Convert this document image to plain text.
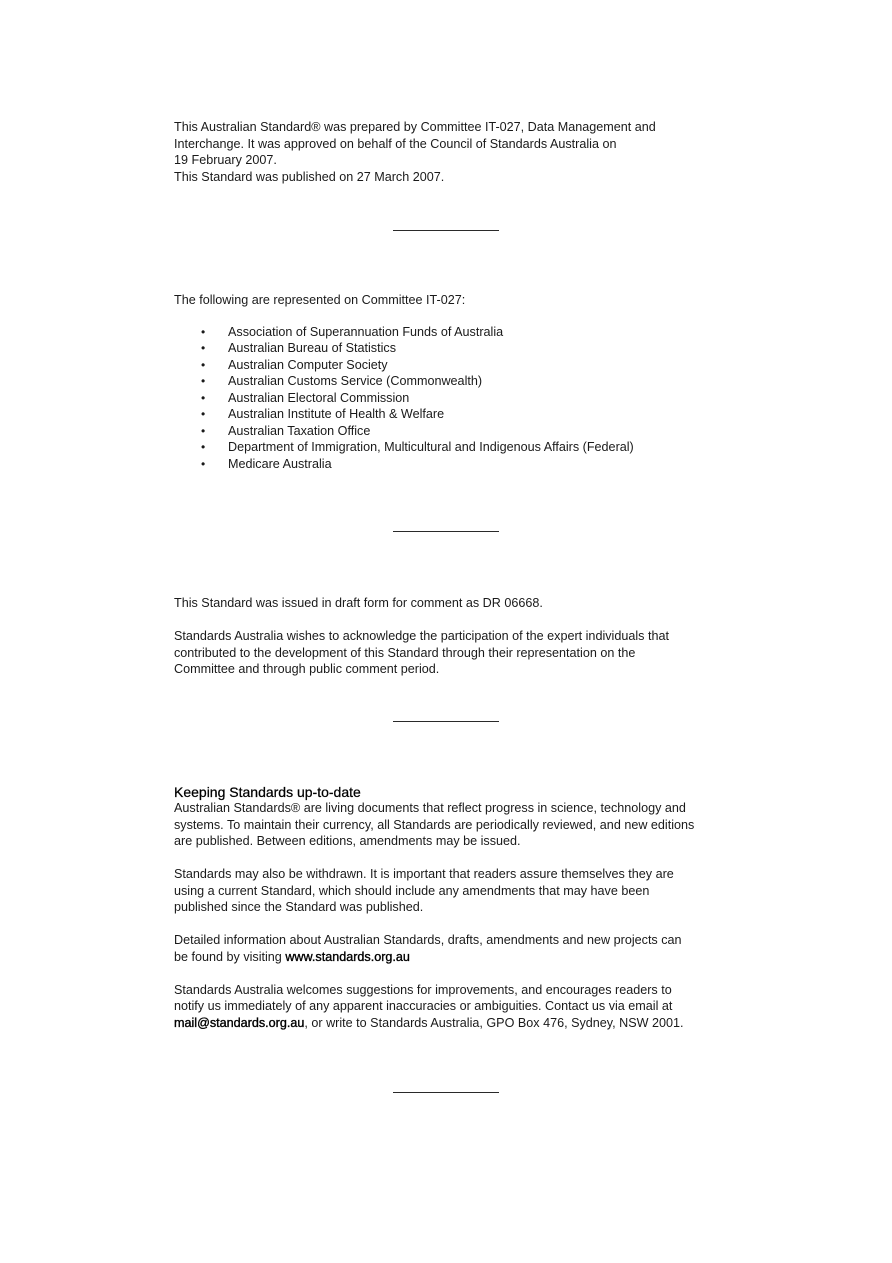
This Australian Standard® was prepared by Committee IT-027, Data Management and

Interchange. It was approved on behalf of the Council of Standards Australia on

19 February 2007.

This Standard was published on 27 March 2007.

The following are represented on Committee IT-027:

• Association of Superannuation Funds of Australia
• Australian Bureau of Statistics
• Australian Computer Society
• Australian Customs Service (Commonwealth)
• Australian Electoral Commission
• Australian Institute of Health & Welfare
• Australian Taxation Office
• Department of Immigration, Multicultural and Indigenous Affairs (Federal)
• Medicare Australia

This Standard was issued in draft form for comment as DR 06668.

Standards Australia wishes to acknowledge the participation of the expert individuals that

contributed to the development of this Standard through their representation on the

Committee and through public comment period.

Keeping Standards up-to-date

Australian Standards® are living documents that reflect progress in science, technology and

systems. To maintain their currency, all Standards are periodically reviewed, and new editions

are published. Between editions, amendments may be issued.

Standards may also be withdrawn. It is important that readers assure themselves they are

using a current Standard, which should include any amendments that may have been

published since the Standard was published.

Detailed information about Australian Standards, drafts, amendments and new projects can

be found by visiting www.standards.org.au

Standards Australia welcomes suggestions for improvements, and encourages readers to

notify us immediately of any apparent inaccuracies or ambiguities. Contact us via email at

mail@standards.org.au, or write to Standards Australia, GPO Box 476, Sydney, NSW 2001.
